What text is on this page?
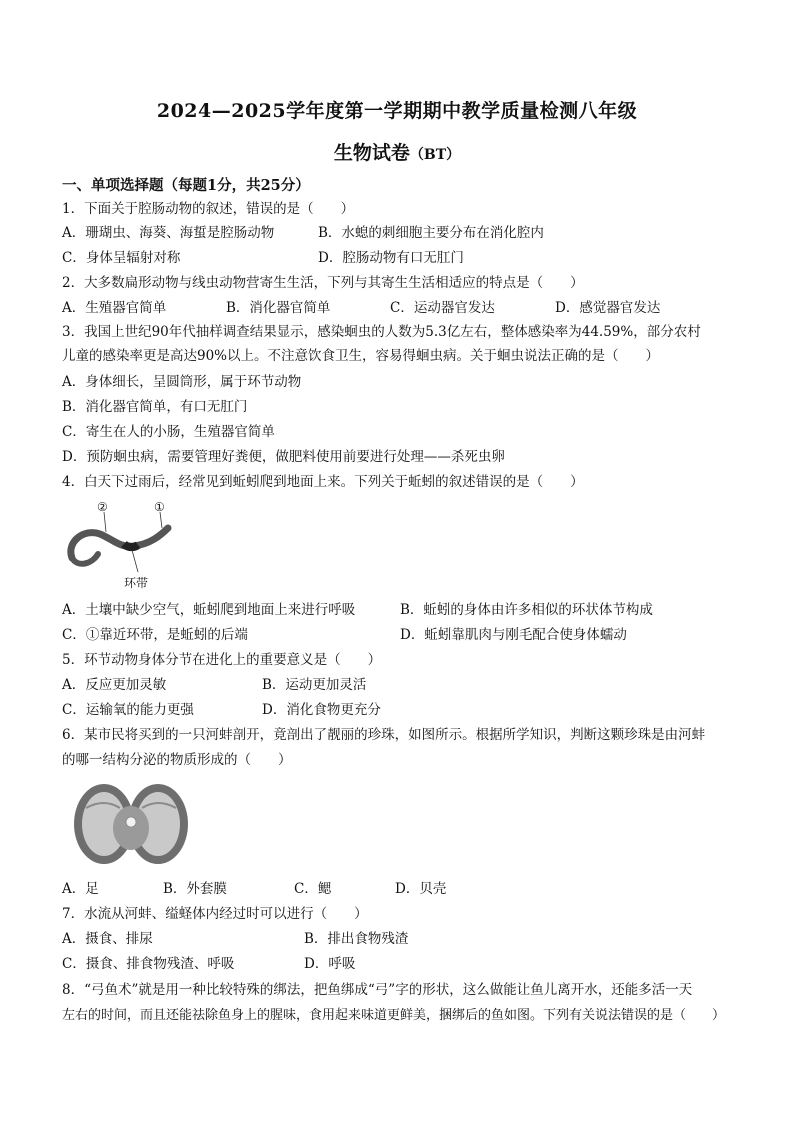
2024—2025学年度第一学期期中教学质量检测八年级
生物试卷（BT）
一、单项选择题（每题1分，共25分）
1．下面关于腔肠动物的叙述，错误的是（　　）
A．珊瑚虫、海葵、海蜇是腔肠动物	B．水螅的刺细胞主要分布在消化腔内
C．身体呈辐射对称	D．腔肠动物有口无肛门
2．大多数扁形动物与线虫动物营寄生生活，下列与其寄生生活相适应的特点是（　　）
A．生殖器官简单	B．消化器官简单	C．运动器官发达	D．感觉器官发达
3．我国上世纪90年代抽样调查结果显示，感染蛔虫的人数为5.3亿左右，整体感染率为44.59%，部分农村
儿童的感染率更是高达90%以上。不注意饮食卫生，容易得蛔虫病。关于蛔虫说法正确的是（　　）
A．身体细长，呈圆筒形，属于环节动物
B．消化器官简单，有口无肛门
C．寄生在人的小肠，生殖器官简单
D．预防蛔虫病，需要管理好粪便，做肥料使用前要进行处理——杀死虫卵
4．白天下过雨后，经常见到蚯蚓爬到地面上来。下列关于蚯蚓的叙述错误的是（　　）
②	①
环带
A．土壤中缺少空气，蚯蚓爬到地面上来进行呼吸	B．蚯蚓的身体由许多相似的环状体节构成
C．①靠近环带，是蚯蚓的后端	D．蚯蚓靠肌肉与刚毛配合使身体蠕动
5．环节动物身体分节在进化上的重要意义是（　　）
A．反应更加灵敏	B．运动更加灵活
C．运输氧的能力更强	D．消化食物更充分
6．某市民将买到的一只河蚌剖开，竟剖出了靓丽的珍珠，如图所示。根据所学知识，判断这颗珍珠是由河蚌
的哪一结构分泌的物质形成的（　　）
A．足	B．外套膜	C．鳃	D．贝壳
7．水流从河蚌、缢蛏体内经过时可以进行（　　）
A．摄食、排尿	B．排出食物残渣
C．摄食、排食物残渣、呼吸	D．呼吸
8．“弓鱼术”就是用一种比较特殊的绑法，把鱼绑成“弓”字的形状，这么做能让鱼儿离开水，还能多活一天
左右的时间，而且还能祛除鱼身上的腥味，食用起来味道更鲜美，捆绑后的鱼如图。下列有关说法错误的是（　　）
